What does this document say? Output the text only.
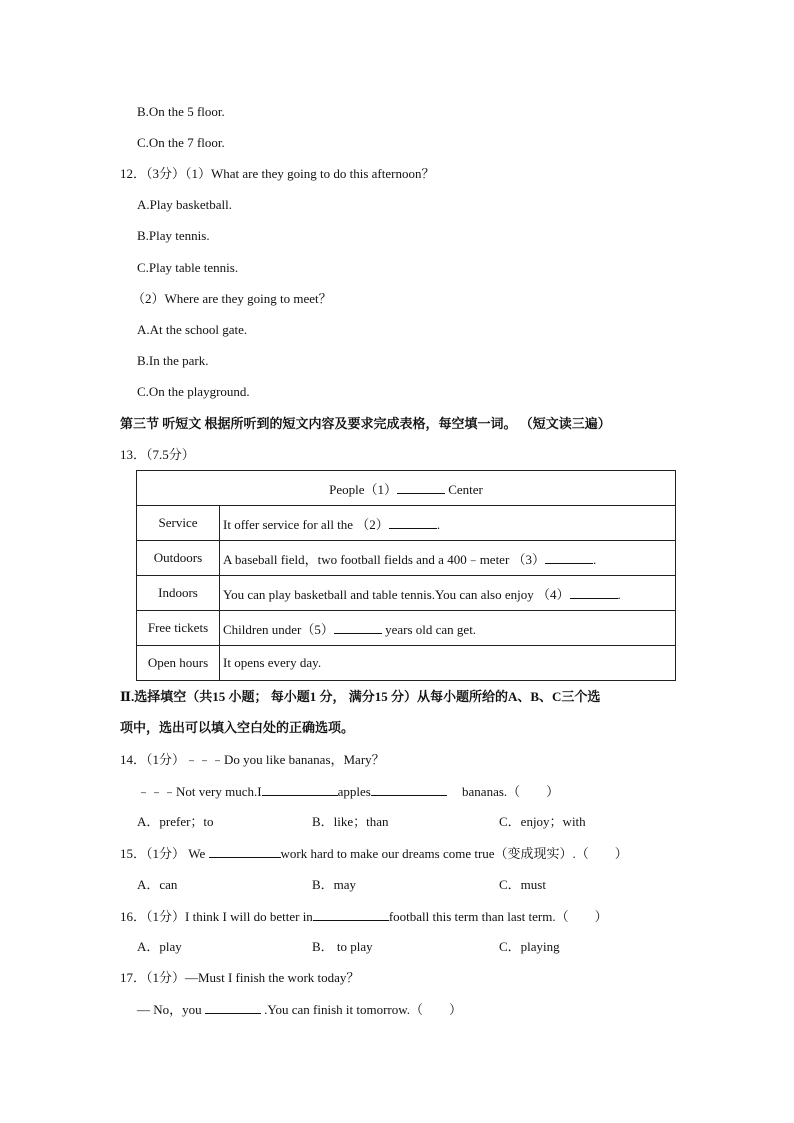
B.On the 5 floor.
C.On the 7 floor.
12．（3分）（1）What are they going to do this afternoon？
A.Play basketball.
B.Play tennis.
C.Play table tennis.
（2）Where are they going to meet？
A.At the school gate.
B.In the park.
C.On the playground.
第三节 听短文 根据所听到的短文内容及要求完成表格，每空填一词。 （短文读三遍）
13．（7.5分）
People（1） Center	
Service	It offer service for all the （2） .
Outdoors	A baseball field，two football fields and a 400﹣meter （3） .
Indoors	You can play basketball and table tennis.You can also enjoy （4） .
Free tickets	Children under（5） years old can get.
Open hours	It opens every day.
Ⅱ.选择填空（共15 小题； 每小题1 分， 满分15 分）从每小题所给的A、B、C三个选
项中，选出可以填入空白处的正确选项。
14．（1分）﹣﹣﹣Do you like bananas，Mary？
﹣﹣﹣Not very much.I	apples	bananas.（　　）
A．prefer；to	B．like；than	C．enjoy；with
15．（1分） We	work hard to make our dreams come true（变成现实）.（　　）
A．can	B．may	C．must
16．（1分）I think I will do better in	football this term than last term.（　　）
A．play	B． to play	C．playing
17．（1分）—Must I finish the work today？
— No，you	.You can finish it tomorrow.（　　）
